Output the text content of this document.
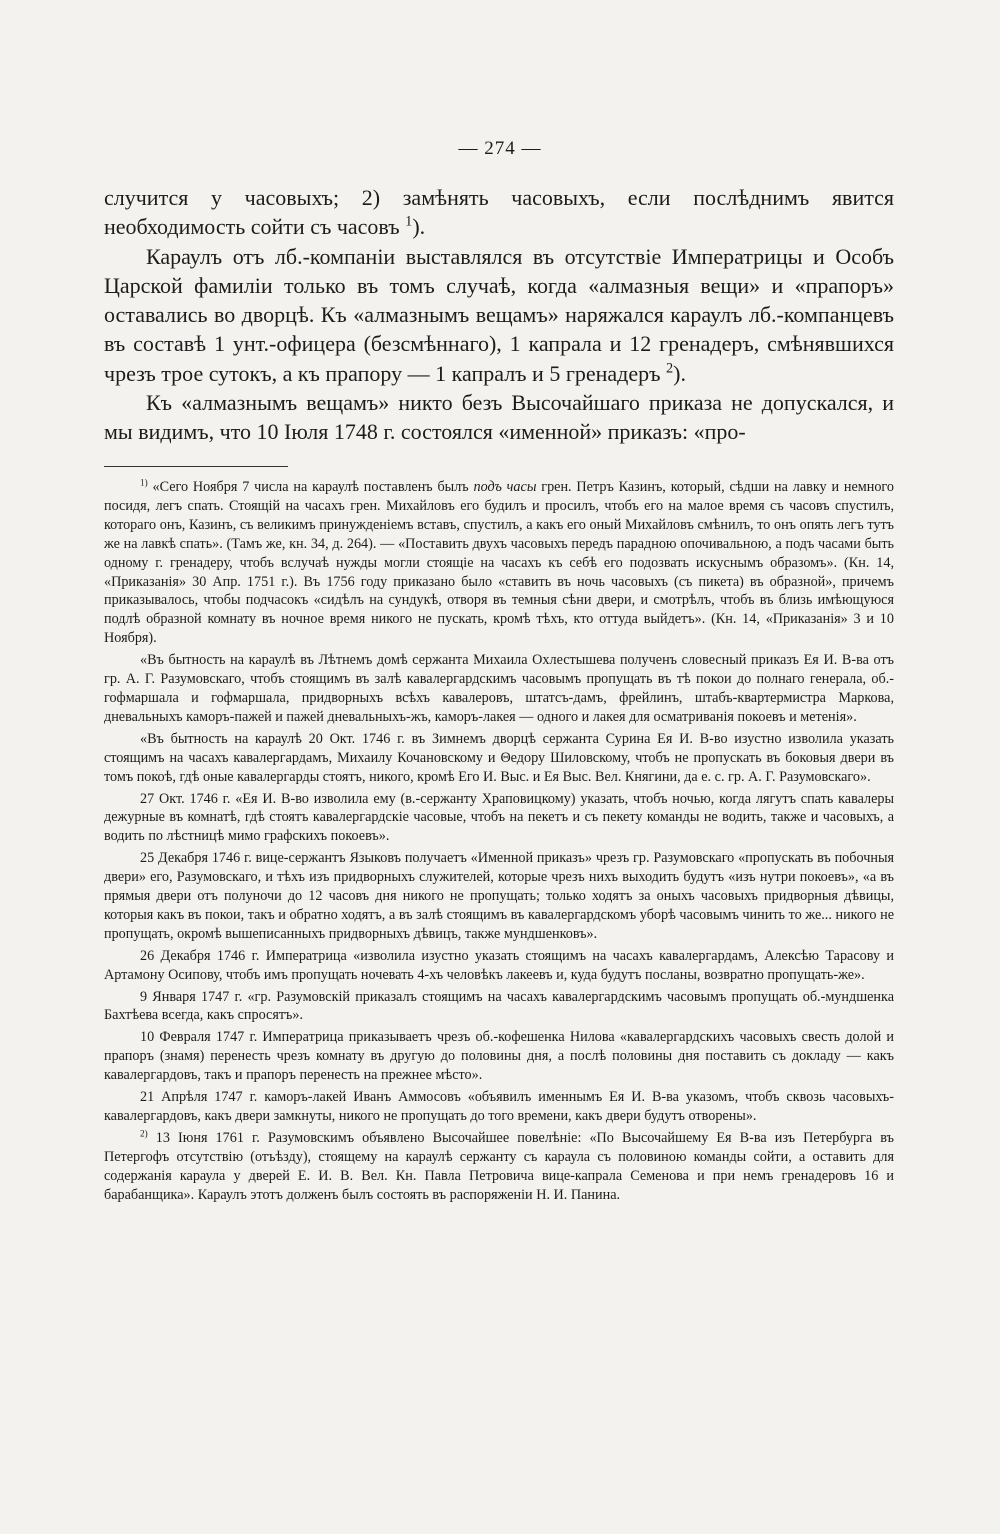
— 274 —

случится у часовыхъ; 2) замѣнять часовыхъ, если послѣднимъ явится необходимость сойти съ часовъ $^1$).

Караулъ отъ лб.-компаніи выставлялся въ отсутствіе Императрицы и Особъ Царской фамиліи только въ томъ случаѣ, когда «алмазныя вещи» и «прапоръ» оставались во дворцѣ. Къ «алмазнымъ вещамъ» наряжался караулъ лб.-компанцевъ въ составѣ 1 унт.-офицера (безсмѣннаго), 1 капрала и 12 гренадеръ, смѣнявшихся чрезъ трое сутокъ, а къ прапору — 1 капралъ и 5 гренадеръ $^2$).

Къ «алмазнымъ вещамъ» никто безъ Высочайшаго приказа не допускался, и мы видимъ, что 10 Іюля 1748 г. состоялся «именной» приказъ: «про-

$^{1)}$ «Сего Ноября 7 числа на караулѣ поставленъ былъ подъ часы грен. Петръ Казинъ, который, сѣдши на лавку и немного посидя, легъ спать. Стоящій на часахъ грен. Михайловъ его будилъ и просилъ, чтобъ его на малое время съ часовъ спустилъ, котораго онъ, Казинъ, съ великимъ принужденіемъ вставъ, спустилъ, а какъ его оный Михайловъ смѣнилъ, то онъ опять легъ тутъ же на лавкѣ спать». (Тамъ же, кн. 34, д. 264). — «Поставить двухъ часовыхъ передъ парадною опочивальною, а подъ часами быть одному г. гренадеру, чтобъ вслучаѣ нужды могли стоящіе на часахъ къ себѣ его подозвать искуснымъ образомъ». (Кн. 14, «Приказанія» 30 Апр. 1751 г.). Въ 1756 году приказано было «ставить въ ночь часовыхъ (съ пикета) въ образной», причемъ приказывалось, чтобы подчасокъ «сидѣлъ на сундукѣ, отворя въ темныя сѣни двери, и смотрѣлъ, чтобъ въ близь имѣющуюся подлѣ образной комнату въ ночное время никого не пускать, кромѣ тѣхъ, кто оттуда выйдетъ». (Кн. 14, «Приказанія» 3 и 10 Ноября).

«Въ бытность на караулѣ въ Лѣтнемъ домѣ сержанта Михаила Охлестышева полученъ словесный приказъ Ея И. В-ва отъ гр. А. Г. Разумовскаго, чтобъ стоящимъ въ залѣ кавалергардскимъ часовымъ пропущать въ тѣ покои до полнаго генерала, об.-гофмаршала и гофмаршала, придворныхъ всѣхъ кавалеровъ, штатсъ-дамъ, фрейлинъ, штабъ-квартермистра Маркова, дневальныхъ каморъ-пажей и пажей дневальныхъ-жъ, каморъ-лакея — одного и лакея для осматриванія покоевъ и метенія».

«Въ бытность на караулѣ 20 Окт. 1746 г. въ Зимнемъ дворцѣ сержанта Сурина Ея И. В-во изустно изволила указать стоящимъ на часахъ кавалергардамъ, Михаилу Кочановскому и Θедору Шиловскому, чтобъ не пропускать въ боковыя двери въ томъ покоѣ, гдѣ оные кавалергарды стоятъ, никого, кромѣ Его И. Выс. и Ея Выс. Вел. Княгини, да е. с. гр. А. Г. Разумовскаго».

27 Окт. 1746 г. «Ея И. В-во изволила ему (в.-сержанту Храповицкому) указать, чтобъ ночью, когда лягутъ спать кавалеры дежурные въ комнатѣ, гдѣ стоятъ кавалергардскіе часовые, чтобъ на пекетъ и съ пекету команды не водить, также и часовыхъ, а водить по лѣстницѣ мимо графскихъ покоевъ».

25 Декабря 1746 г. вице-сержантъ Языковъ получаетъ «Именной приказъ» чрезъ гр. Разумовскаго «пропускать въ побочныя двери» его, Разумовскаго, и тѣхъ изъ придворныхъ служителей, которые чрезъ нихъ выходить будутъ «изъ нутри покоевъ», «а въ прямыя двери отъ полуночи до 12 часовъ дня никого не пропущать; только ходятъ за оныхъ часовыхъ придворныя дѣвицы, которыя какъ въ покои, такъ и обратно ходятъ, а въ залѣ стоящимъ въ кавалергардскомъ уборѣ часовымъ чинить то же... никого не пропущать, окромѣ вышеписанныхъ придворныхъ дѣвицъ, также мундшенковъ».

26 Декабря 1746 г. Императрица «изволила изустно указать стоящимъ на часахъ кавалергардамъ, Алексѣю Тарасову и Артамону Осипову, чтобъ имъ пропущать ночевать 4-хъ человѣкъ лакеевъ и, куда будутъ посланы, возвратно пропущать-же».

9 Января 1747 г. «гр. Разумовскій приказалъ стоящимъ на часахъ кавалергардскимъ часовымъ пропущать об.-мундшенка Бахтѣева всегда, какъ спросятъ».

10 Февраля 1747 г. Императрица приказываетъ чрезъ об.-кофешенка Нилова «кавалергардскихъ часовыхъ свесть долой и прапоръ (знамя) перенесть чрезъ комнату въ другую до половины дня, а послѣ половины дня поставить съ докладу — какъ кавалергардовъ, такъ и прапоръ перенесть на прежнее мѣсто».

21 Апрѣля 1747 г. каморъ-лакей Иванъ Аммосовъ «объявилъ именнымъ Ея И. В-ва указомъ, чтобъ сквозь часовыхъ-кавалергардовъ, какъ двери замкнуты, никого не пропущать до того времени, какъ двери будутъ отворены».

$^{2)}$ 13 Іюня 1761 г. Разумовскимъ объявлено Высочайшее повелѣніе: «По Высочайшему Ея В-ва изъ Петербурга въ Петергофъ отсутствію (отъѣзду), стоящему на караулѣ сержанту съ караула съ половиною команды сойти, а оставить для содержанія караула у дверей Е. И. В. Вел. Кн. Павла Петровича вице-капрала Семенова и при немъ гренадеровъ 16 и барабанщика». Караулъ этотъ долженъ былъ состоять въ распоряженіи Н. И. Панина.
